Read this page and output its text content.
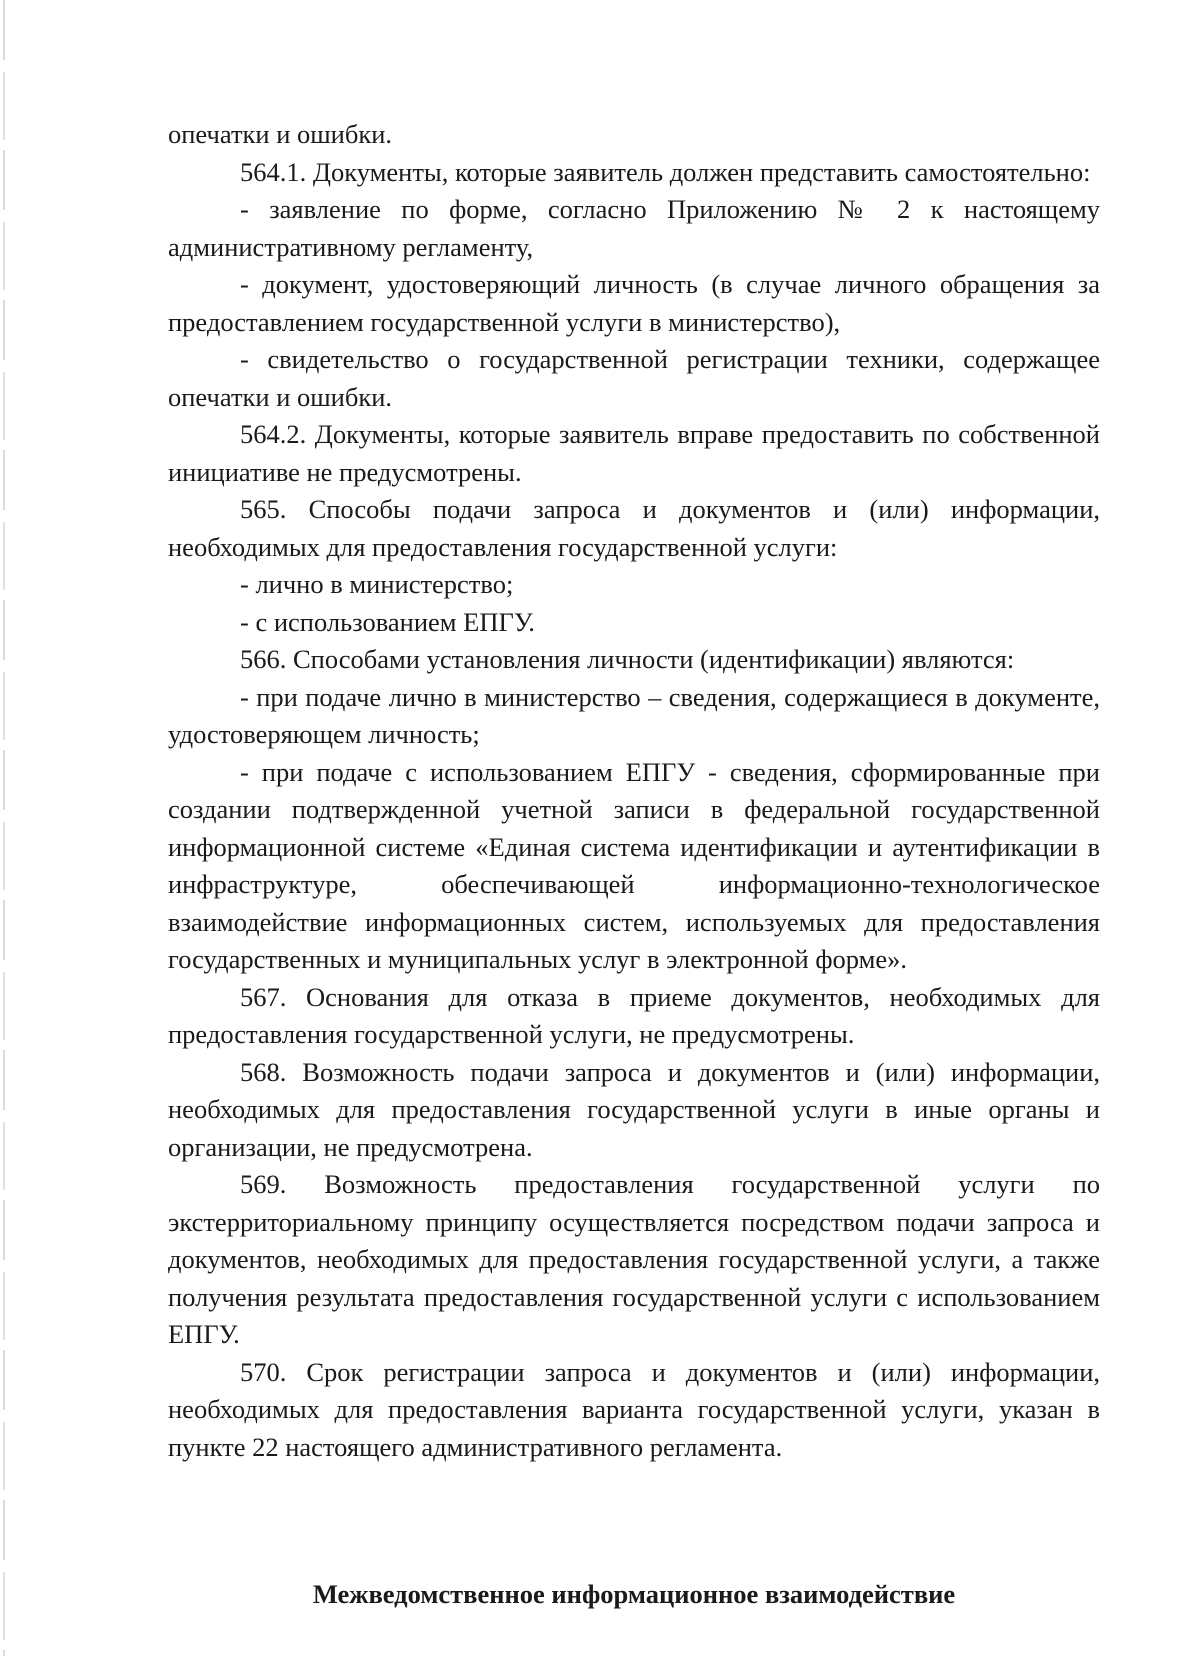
опечатки и ошибки.

564.1. Документы, которые заявитель должен представить самостоятельно:

- заявление по форме, согласно Приложению № 2 к настоящему административному регламенту,

- документ, удостоверяющий личность (в случае личного обращения за предоставлением государственной услуги в министерство),

- свидетельство о государственной регистрации техники, содержащее опечатки и ошибки.

564.2. Документы, которые заявитель вправе предоставить по собственной инициативе не предусмотрены.

565. Способы подачи запроса и документов и (или) информации, необходимых для предоставления государственной услуги:

- лично в министерство;

- с использованием ЕПГУ.

566. Способами установления личности (идентификации) являются:

- при подаче лично в министерство – сведения, содержащиеся в документе, удостоверяющем личность;

- при подаче с использованием ЕПГУ - сведения, сформированные при создании подтвержденной учетной записи в федеральной государственной информационной системе «Единая система идентификации и аутентификации в инфраструктуре, обеспечивающей информационно-технологическое взаимодействие информационных систем, используемых для предоставления государственных и муниципальных услуг в электронной форме».

567. Основания для отказа в приеме документов, необходимых для предоставления государственной услуги, не предусмотрены.

568. Возможность подачи запроса и документов и (или) информации, необходимых для предоставления государственной услуги в иные органы и организации, не предусмотрена.

569. Возможность предоставления государственной услуги по экстерриториальному принципу осуществляется посредством подачи запроса и документов, необходимых для предоставления государственной услуги, а также получения результата предоставления государственной услуги с использованием ЕПГУ.

570. Срок регистрации запроса и документов и (или) информации, необходимых для предоставления варианта государственной услуги, указан в пункте 22 настоящего административного регламента.

Межведомственное информационное взаимодействие
